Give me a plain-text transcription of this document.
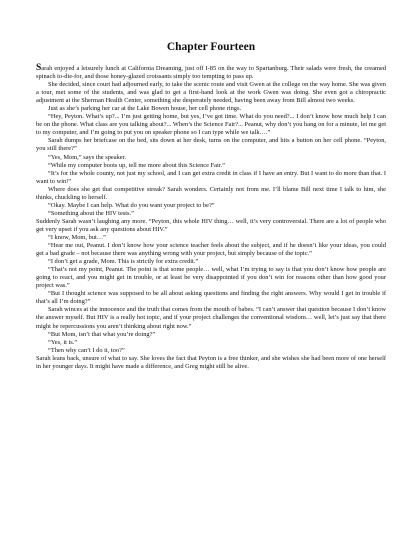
Chapter Fourteen

Sarah enjoyed a leisurely lunch at California Dreaming, just off I-85 on the way to Spartanburg. Their salads were fresh, the creamed spinach to-die-for, and those honey-glazed croissants simply too tempting to pass up.

She decided, since court had adjourned early, to take the scenic route and visit Gwen at the college on the way home. She was given a tour, met some of the students, and was glad to get a first-hand look at the work Gwen was doing. She even got a chiropractic adjustment at the Sherman Health Center, something she desperately needed, having been away from Bill almost two weeks.

Just as she’s parking her car at the Lake Bowen house, her cell phone rings.

“Hey, Peyton. What’s up?... I’m just getting home, but yes, I’ve got time. What do you need?... I don’t know how much help I can be on the phone. What class are you talking about?... When’s the Science Fair?... Peanut, why don’t you hang on for a minute, let me get to my computer, and I’m going to put you on speaker phone so I can type while we talk….”

Sarah dumps her briefcase on the bed, sits down at her desk, turns on the computer, and hits a button on her cell phone. “Peyton, you still there?”

“Yes, Mom,” says the speaker.

“While my computer boots up, tell me more about this Science Fair.”

“It’s for the whole county, not just my school, and I can get extra credit in class if I have an entry. But I want to do more than that. I want to win!”

Where does she get that competitive streak? Sarah wonders. Certainly not from me. I’ll blame Bill next time I talk to him, she thinks, chuckling to herself.

“Okay. Maybe I can help. What do you want your project to be?”

“Something about the HIV tests.”

Suddenly Sarah wasn’t laughing any more. “Peyton, this whole HIV thing… well, it’s very controversial. There are a lot of people who get very upset if you ask any questions about HIV.”

“I know, Mom, but…”

“Hear me out, Peanut. I don’t know how your science teacher feels about the subject, and if he doesn’t like your ideas, you could get a bad grade – not because there was anything wrong with your project, but simply because of the topic.”

“I don’t get a grade, Mom. This is strictly for extra credit.”

“That’s not my point, Peanut. The point is that some people… well, what I’m trying to say is that you don’t know how people are going to react, and you might get in trouble, or at least be very disappointed if you don’t win for reasons other than how good your project was.”

“But I thought science was supposed to be all about asking questions and finding the right answers. Why would I get in trouble if that’s all I’m doing?”

Sarah winces at the innocence and the truth that comes from the mouth of babes. “I can’t answer that question because I don’t know the answer myself. But HIV is a really hot topic, and if your project challenges the conventional wisdom… well, let’s just say that there might be repercussions you aren’t thinking about right now.”

“But Mom, isn’t that what you’re doing?”

“Yes, it is.”

“Then why can’t I do it, too?”

Sarah leans back, unsure of what to say. She loves the fact that Peyton is a free thinker, and she wishes she had been more of one herself in her younger days. It might have made a difference, and Greg might still be alive.
